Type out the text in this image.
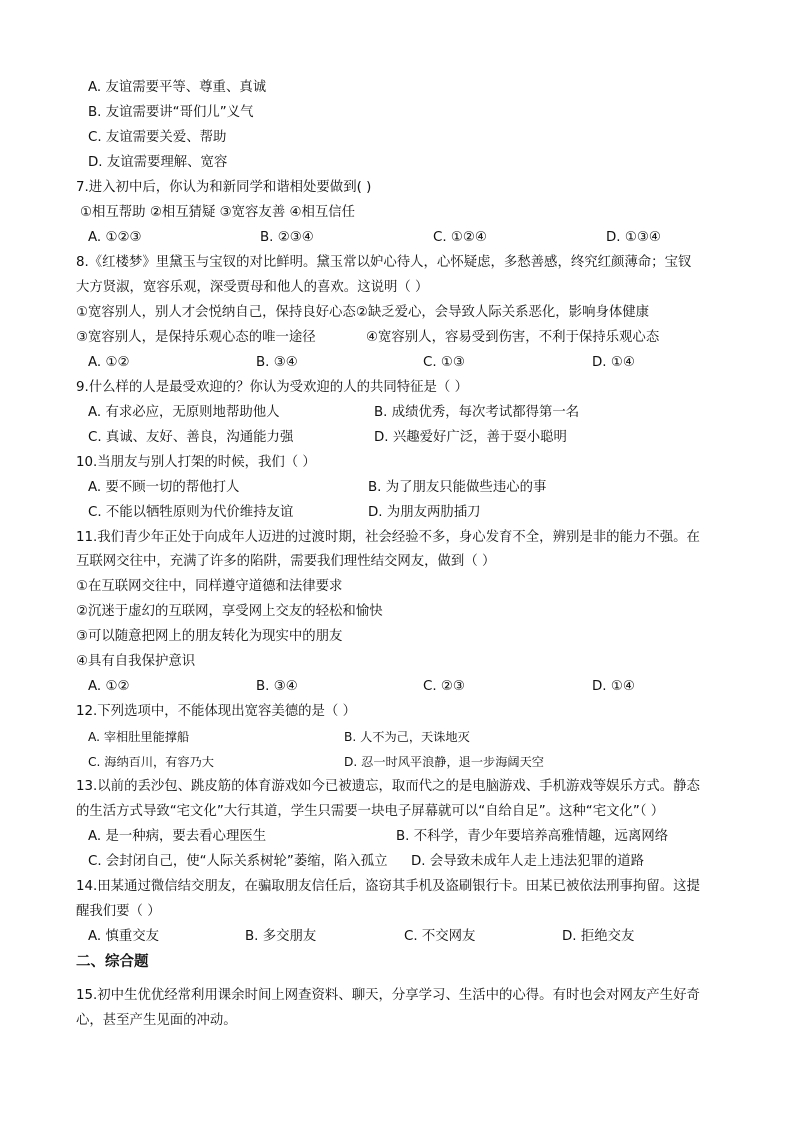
A. 友谊需要平等、尊重、真诚
B. 友谊需要讲“哥们儿”义气
C. 友谊需要关爱、帮助
D. 友谊需要理解、宽容
7.进入初中后，你认为和新同学和谐相处要做到( )
①相互帮助 ②相互猜疑 ③宽容友善 ④相互信任
A. ①②③	B. ②③④	C. ①②④	D. ①③④
8.《红楼梦》里黛玉与宝钗的对比鲜明。黛玉常以妒心待人，心怀疑虑，多愁善感，终究红颜薄命；宝钗
大方贤淑，宽容乐观，深受贾母和他人的喜欢。这说明（ ）
①宽容别人，别人才会悦纳自己，保持良好心态②缺乏爱心，会导致人际关系恶化，影响身体健康
③宽容别人，是保持乐观心态的唯一途径	④宽容别人，容易受到伤害，不利于保持乐观心态
A. ①②	B. ③④	C. ①③	D. ①④
9.什么样的人是最受欢迎的？你认为受欢迎的人的共同特征是（ ）
A. 有求必应，无原则地帮助他人	B. 成绩优秀，每次考试都得第一名
C. 真诚、友好、善良，沟通能力强	D. 兴趣爱好广泛，善于耍小聪明
10.当朋友与别人打架的时候，我们（ ）
A. 要不顾一切的帮他打人	B. 为了朋友只能做些违心的事
C. 不能以牺牲原则为代价维持友谊	D. 为朋友两肋插刀
11.我们青少年正处于向成年人迈进的过渡时期，社会经验不多，身心发育不全，辨别是非的能力不强。在
互联网交往中，充满了许多的陷阱，需要我们理性结交网友，做到（ ）
①在互联网交往中，同样遵守道德和法律要求
②沉迷于虚幻的互联网，享受网上交友的轻松和愉快
③可以随意把网上的朋友转化为现实中的朋友
④具有自我保护意识
A. ①②	B. ③④	C. ②③	D. ①④
12.下列选项中，不能体现出宽容美德的是（ ）
A. 宰相肚里能撑船	B. 人不为己，天诛地灭
C. 海纳百川，有容乃大	D. 忍一时风平浪静，退一步海阔天空
13.以前的丢沙包、跳皮筋的体育游戏如今已被遗忘，取而代之的是电脑游戏、手机游戏等娱乐方式。静态
的生活方式导致“宅文化”大行其道，学生只需要一块电子屏幕就可以“自给自足”。这种“宅文化”（ ）
A. 是一种病，要去看心理医生	B. 不科学，青少年要培养高雅情趣，远离网络
C. 会封闭自己，使“人际关系树轮”萎缩，陷入孤立 D. 会导致未成年人走上违法犯罪的道路
14.田某通过微信结交朋友，在骗取朋友信任后，盗窃其手机及盗刷银行卡。田某已被依法刑事拘留。这提
醒我们要（ ）
A. 慎重交友	B. 多交朋友	C. 不交网友	D. 拒绝交友
二、综合题
15.初中生优优经常利用课余时间上网查资料、聊天，分享学习、生活中的心得。有时也会对网友产生好奇
心，甚至产生见面的冲动。
